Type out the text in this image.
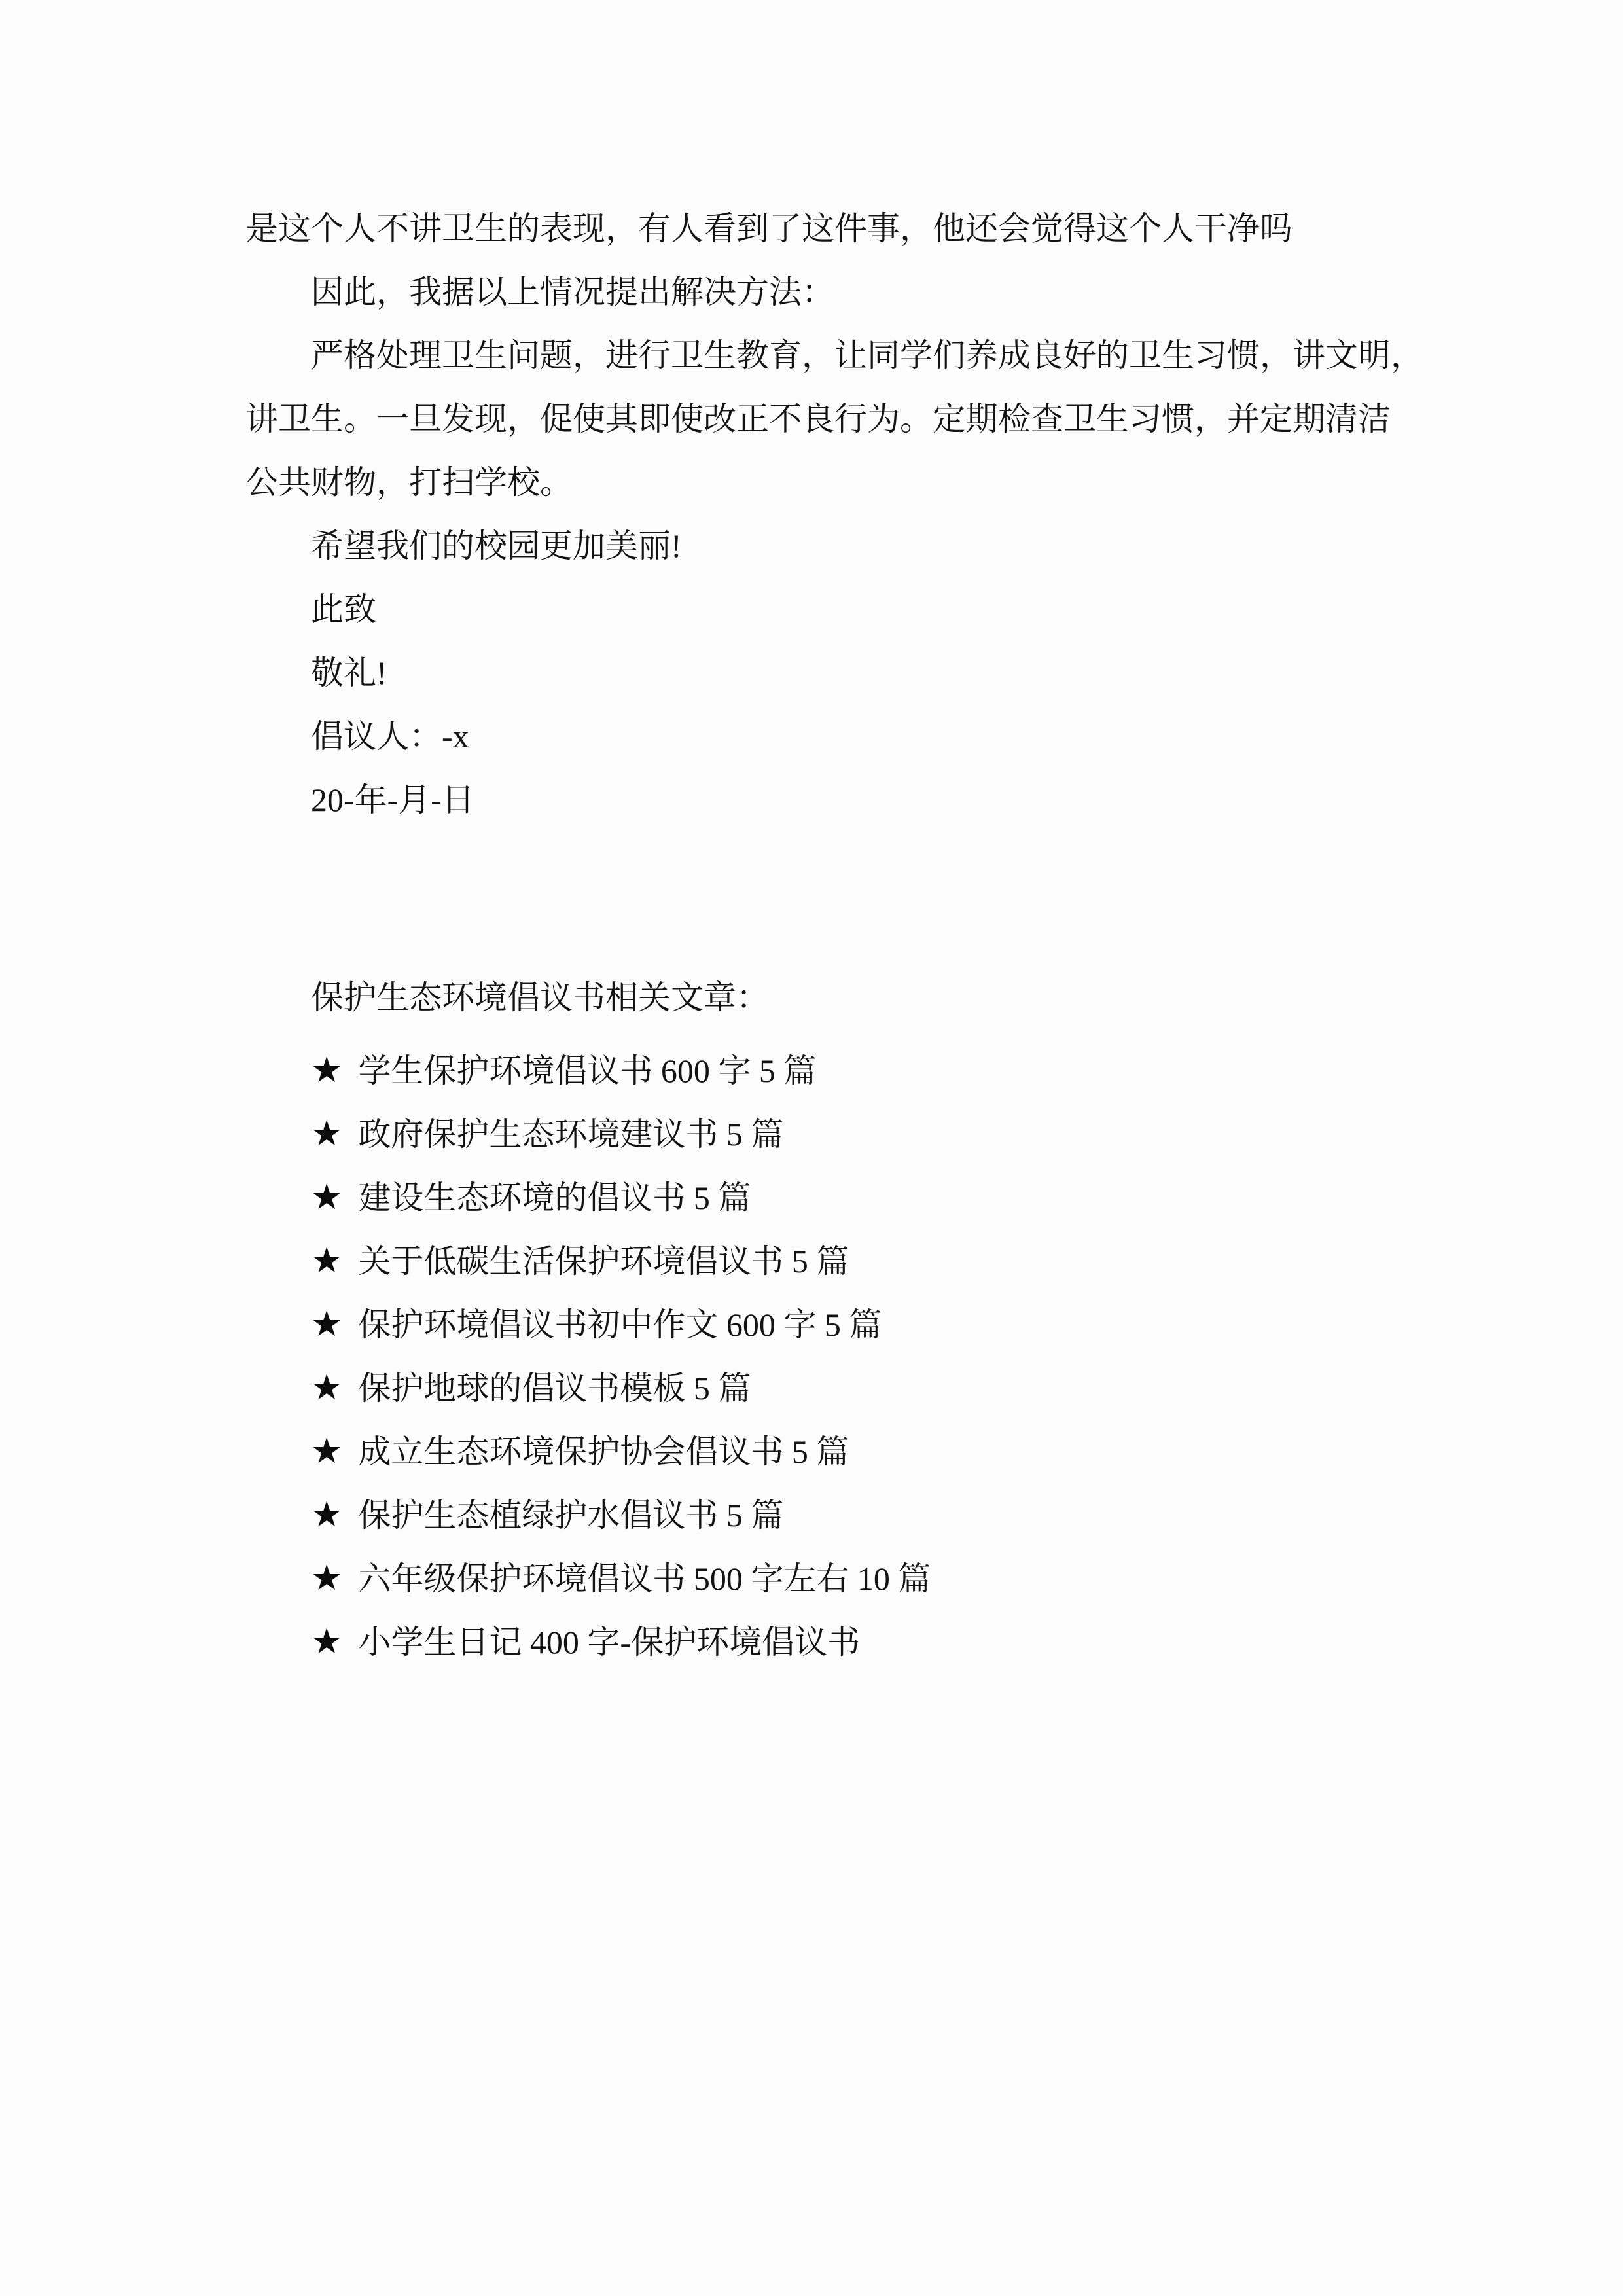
是这个人不讲卫生的表现，有人看到了这件事，他还会觉得这个人干净吗
因此，我据以上情况提出解决方法：
严格处理卫生问题，进行卫生教育，让同学们养成良好的卫生习惯，讲文明，
讲卫生。一旦发现，促使其即使改正不良行为。定期检查卫生习惯，并定期清洁
公共财物，打扫学校。
希望我们的校园更加美丽!
此致
敬礼!
倡议人：-x
20-年-月-日
保护生态环境倡议书相关文章：
★ 学生保护环境倡议书 600 字 5 篇
★ 政府保护生态环境建议书 5 篇
★ 建设生态环境的倡议书 5 篇
★ 关于低碳生活保护环境倡议书 5 篇
★ 保护环境倡议书初中作文 600 字 5 篇
★ 保护地球的倡议书模板 5 篇
★ 成立生态环境保护协会倡议书 5 篇
★ 保护生态植绿护水倡议书 5 篇
★ 六年级保护环境倡议书 500 字左右 10 篇
★ 小学生日记 400 字-保护环境倡议书
